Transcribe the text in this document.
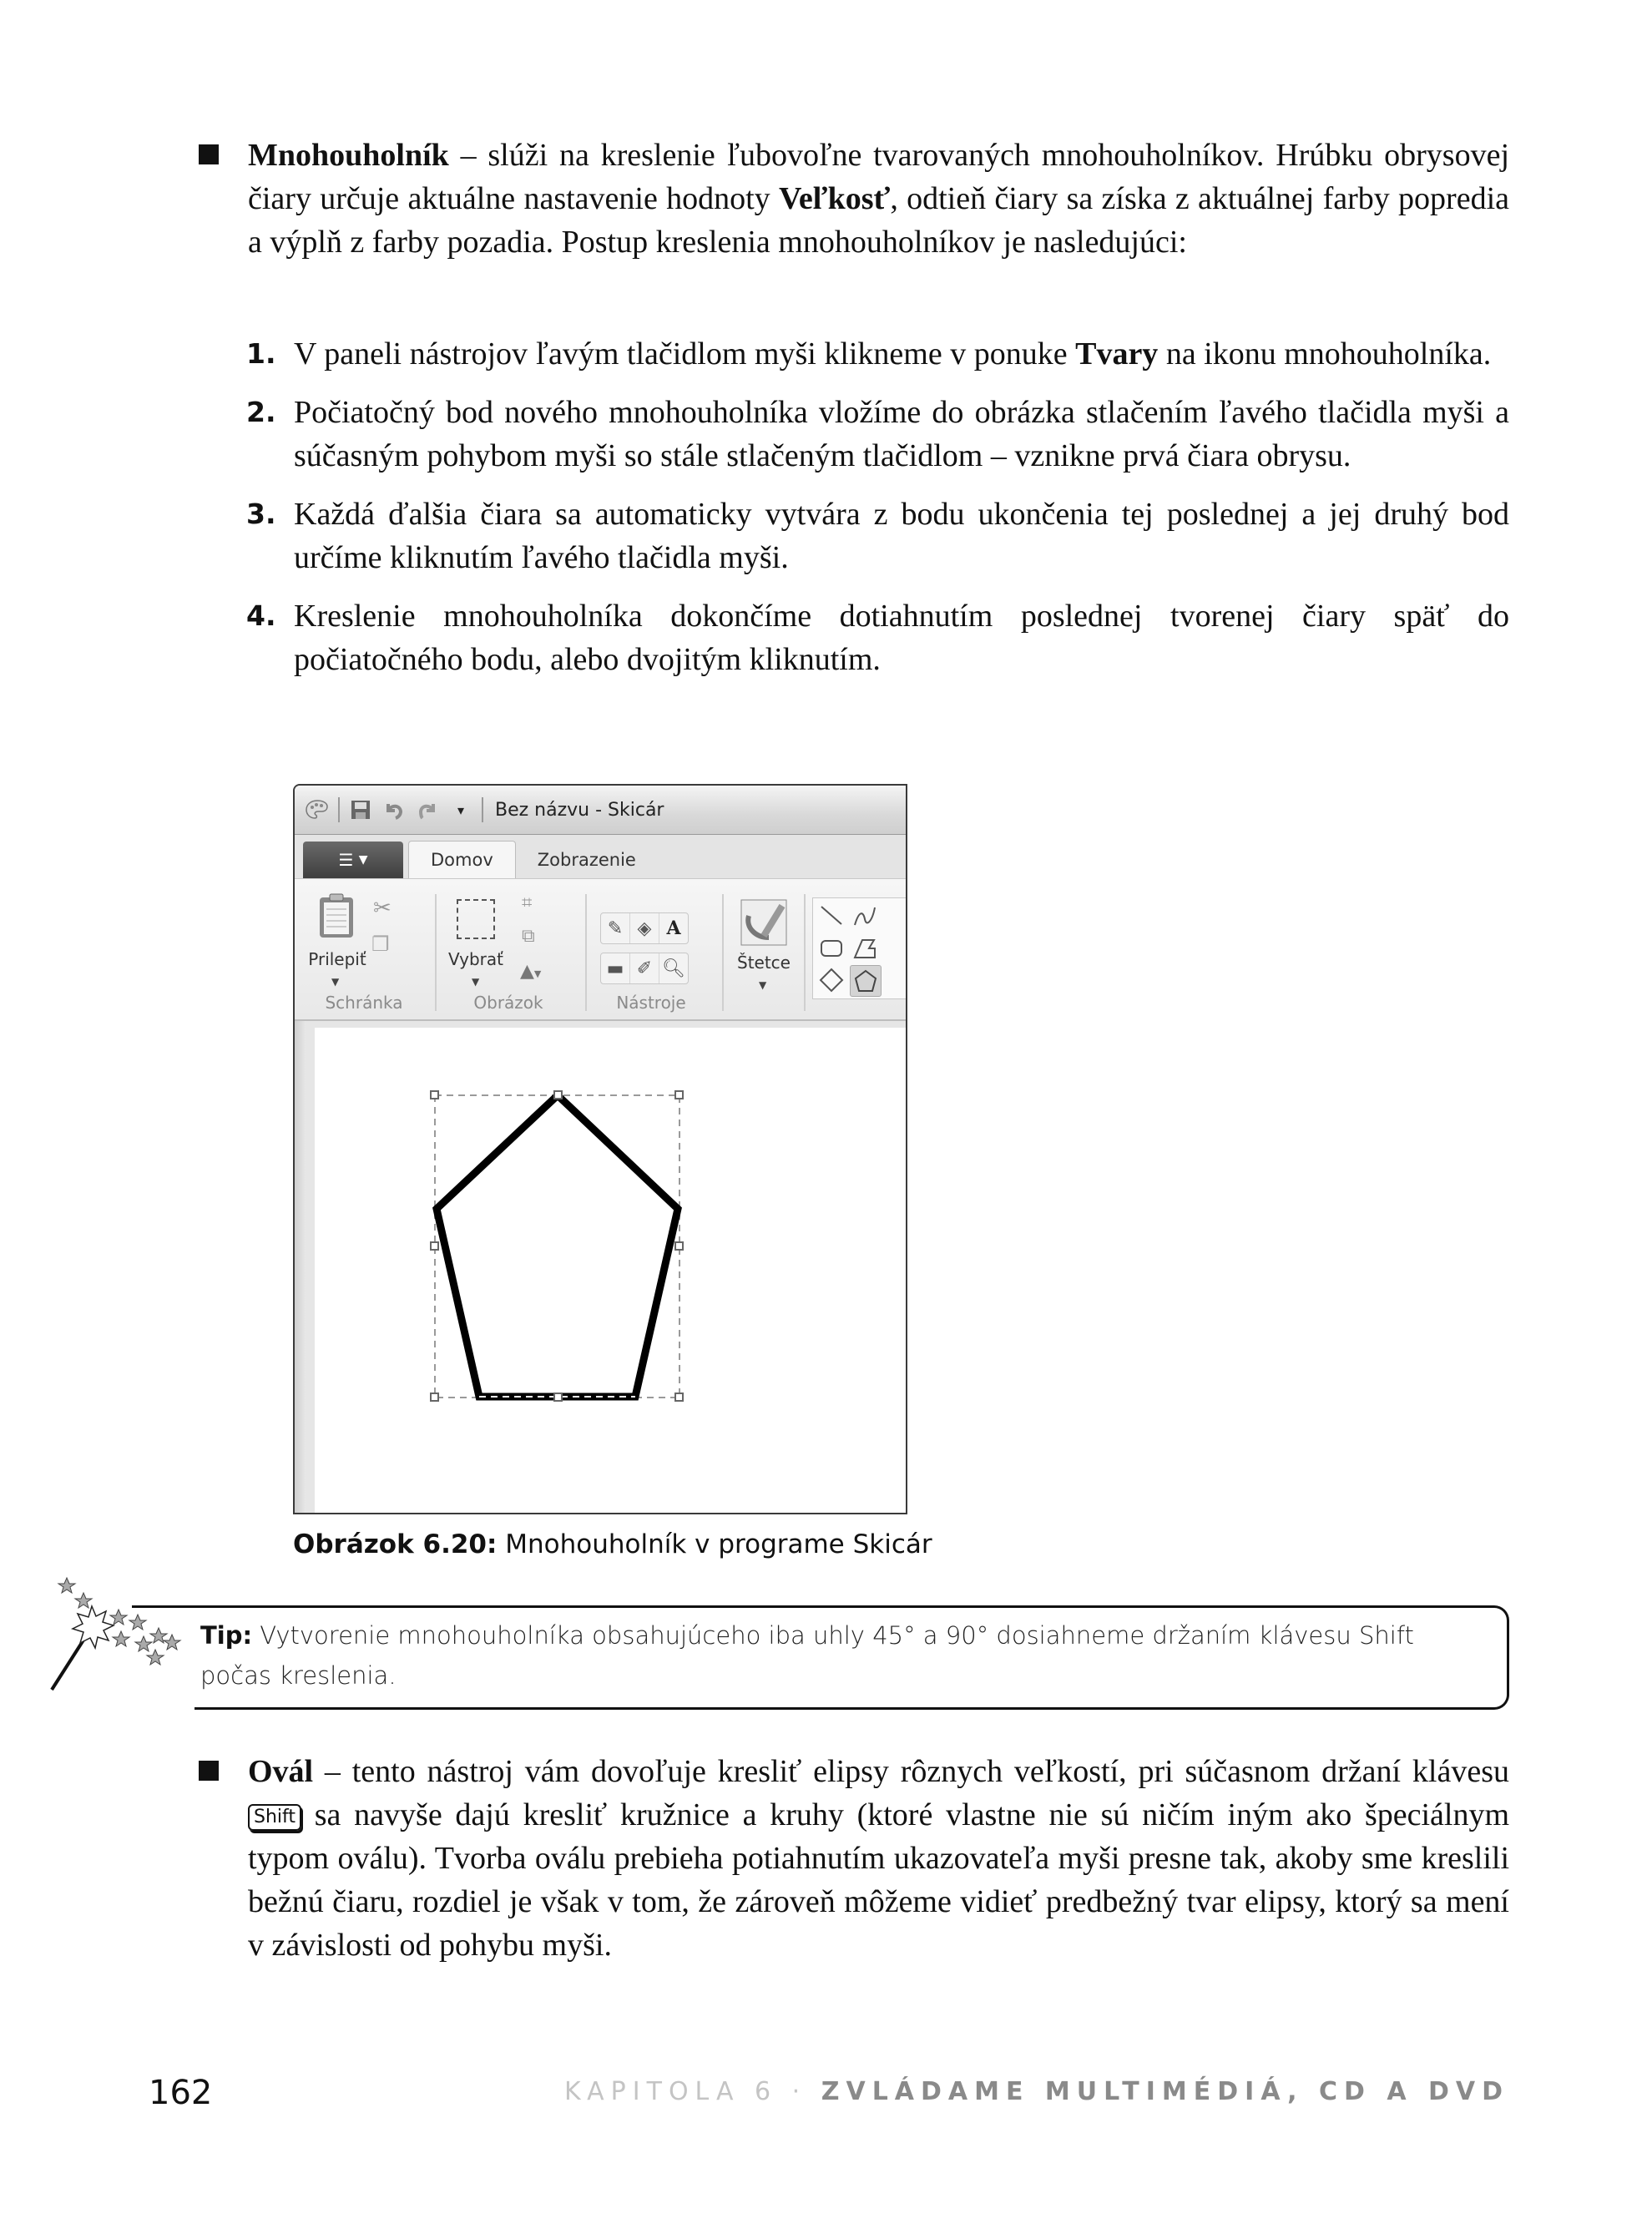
Mnohouholník – slúži na kreslenie ľubovoľne tvarovaných mnohouholníkov. Hrúbku obrysovej čiary určuje aktuálne nastavenie hodnoty Veľkosť, odtieň čiary sa získa z aktuálnej farby popredia a výplň z farby pozadia. Postup kreslenia mnohouholníkov je nasledujúci:
1. V paneli nástrojov ľavým tlačidlom myši klikneme v ponuke Tvary na ikonu mnohouholníka.
2. Počiatočný bod nového mnohouholníka vložíme do obrázka stlačením ľavého tlačidla myši a súčasným pohybom myši so stále stlačeným tlačidlom – vznikne prvá čiara obrysu.
3. Každá ďalšia čiara sa automaticky vytvára z bodu ukončenia tej poslednej a jej druhý bod určíme kliknutím ľavého tlačidla myši.
4. Kreslenie mnohouholníka dokončíme dotiahnutím poslednej tvorenej čiary späť do počiatočného bodu, alebo dvojitým kliknutím.
▾	Bez názvu - Skicár
☰
▼	Domov	Zobrazenie
Prilepiť
▼
✂
❐
Schránka
Vybrať
▼
⌗
⧉
▲▼
Obrázok
✎ ◈ A
▬ ✐ 🔍︎
Nástroje
Štetce
▼
Obrázok 6.20: Mnohouholník v programe Skicár
Tip: Vytvorenie mnohouholníka obsahujúceho iba uhly 45° a 90° dosiahneme držaním klávesu Shift počas kreslenia.
Ovál – tento nástroj vám dovoľuje kresliť elipsy rôznych veľkostí, pri súčasnom držaní klávesu Shift sa navyše dajú kresliť kružnice a kruhy (ktoré vlastne nie sú ničím iným ako špeciálnym typom oválu). Tvorba oválu prebieha potiahnutím ukazovateľa myši presne tak, akoby sme kreslili bežnú čiaru, rozdiel je však v tom, že zároveň môžeme vidieť predbežný tvar elipsy, ktorý sa mení v závislosti od pohybu myši.
162	KAPITOLA 6 · ZVLÁDAME MULTIMÉDIÁ, CD A DVD
